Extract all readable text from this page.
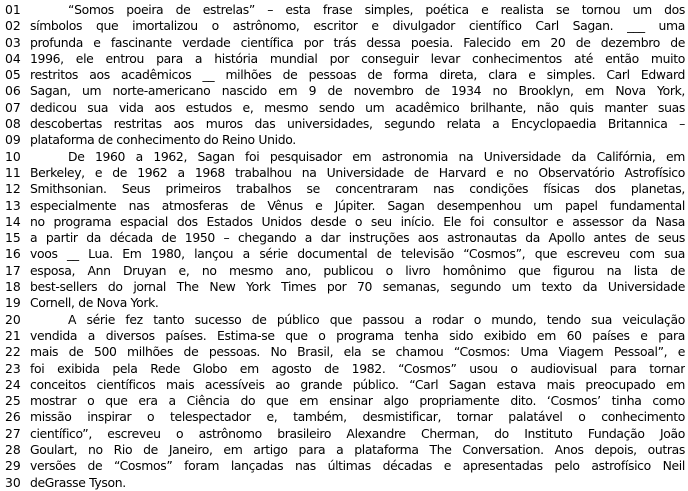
01	“Somos poeira de estrelas” – esta frase simples, poética e realista se tornou um dos
02 símbolos que imortalizou o astrônomo, escritor e divulgador científico Carl Sagan. ___ uma
03 profunda e fascinante verdade científica por trás dessa poesia. Falecido em 20 de dezembro de
04 1996, ele entrou para a história mundial por conseguir levar conhecimentos até então muito
05 restritos aos acadêmicos __ milhões de pessoas de forma direta, clara e simples. Carl Edward
06 Sagan, um norte-americano nascido em 9 de novembro de 1934 no Brooklyn, em Nova York,
07 dedicou sua vida aos estudos e, mesmo sendo um acadêmico brilhante, não quis manter suas
08 descobertas restritas aos muros das universidades, segundo relata a Encyclopaedia Britannica –
09 plataforma de conhecimento do Reino Unido.
10	De 1960 a 1962, Sagan foi pesquisador em astronomia na Universidade da Califórnia, em
11 Berkeley, e de 1962 a 1968 trabalhou na Universidade de Harvard e no Observatório Astrofísico
12 Smithsonian. Seus primeiros trabalhos se concentraram nas condições físicas dos planetas,
13 especialmente nas atmosferas de Vênus e Júpiter. Sagan desempenhou um papel fundamental
14 no programa espacial dos Estados Unidos desde o seu início. Ele foi consultor e assessor da Nasa
15 a partir da década de 1950 – chegando a dar instruções aos astronautas da Apollo antes de seus
16 voos __ Lua. Em 1980, lançou a série documental de televisão “Cosmos”, que escreveu com sua
17 esposa, Ann Druyan e, no mesmo ano, publicou o livro homônimo que figurou na lista de
18 best-sellers do jornal The New York Times por 70 semanas, segundo um texto da Universidade
19 Cornell, de Nova York.
20	A série fez tanto sucesso de público que passou a rodar o mundo, tendo sua veiculação
21 vendida a diversos países. Estima-se que o programa tenha sido exibido em 60 países e para
22 mais de 500 milhões de pessoas. No Brasil, ela se chamou “Cosmos: Uma Viagem Pessoal”, e
23 foi exibida pela Rede Globo em agosto de 1982. “Cosmos” usou o audiovisual para tornar
24 conceitos científicos mais acessíveis ao grande público. “Carl Sagan estava mais preocupado em
25 mostrar o que era a Ciência do que em ensinar algo propriamente dito. ‘Cosmos’ tinha como
26 missão inspirar o telespectador e, também, desmistificar, tornar palatável o conhecimento
27 científico”, escreveu o astrônomo brasileiro Alexandre Cherman, do Instituto Fundação João
28 Goulart, no Rio de Janeiro, em artigo para a plataforma The Conversation. Anos depois, outras
29 versões de “Cosmos” foram lançadas nas últimas décadas e apresentadas pelo astrofísico Neil
30 deGrasse Tyson.
